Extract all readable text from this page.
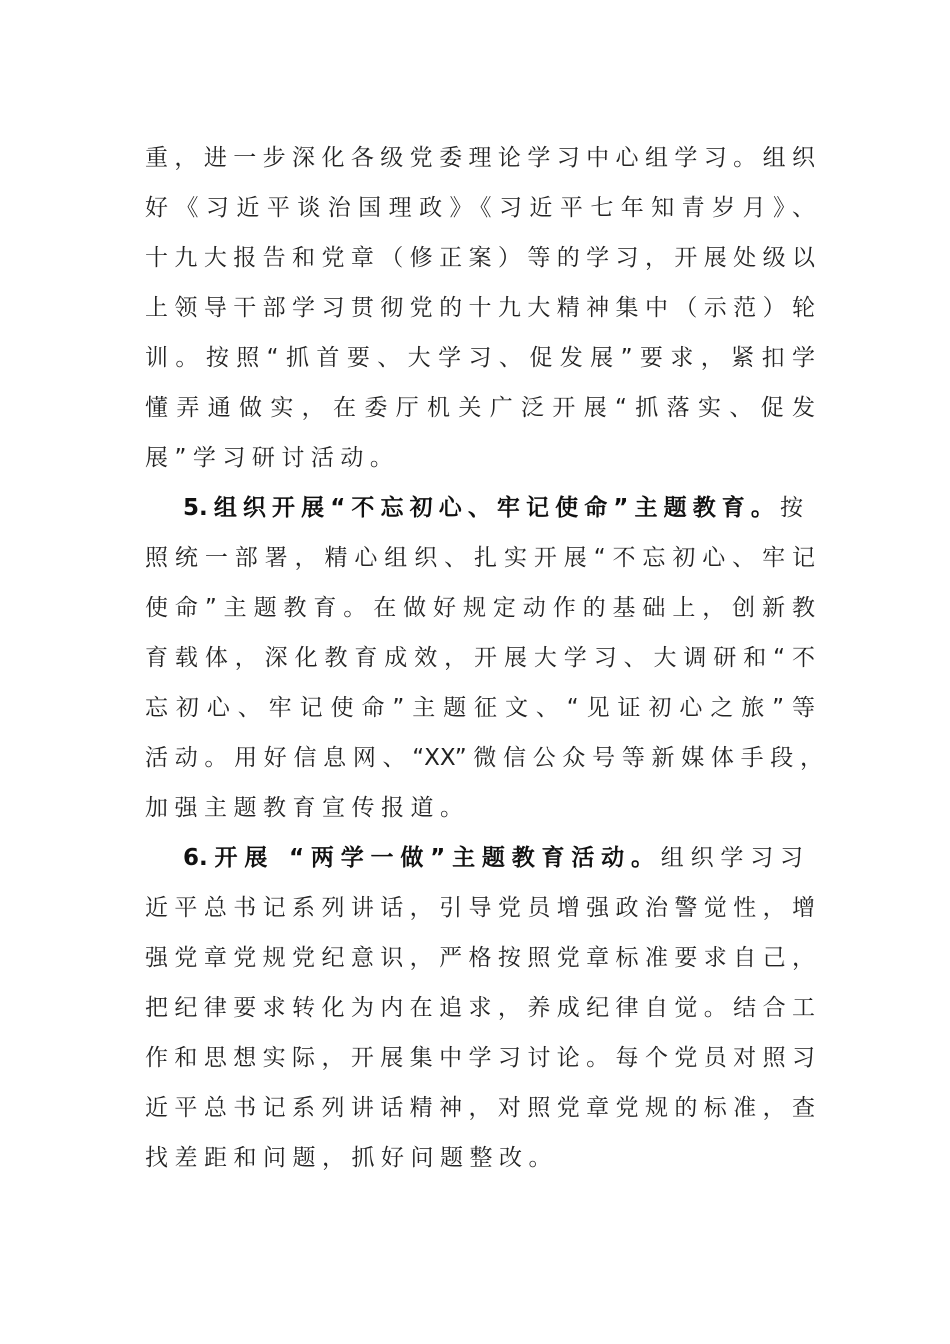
重，进一步深化各级党委理论学习中心组学习。组织
好《习近平谈治国理政》《习近平七年知青岁月》、
十九大报告和党章（修正案）等的学习，开展处级以
上领导干部学习贯彻党的十九大精神集中（示范）轮
训。按照“抓首要、大学习、促发展”要求，紧扣学
懂弄通做实，在委厅机关广泛开展“抓落实、促发
展”学习研讨活动。
5.组织开展“不忘初心、牢记使命”主题教育。按
照统一部署，精心组织、扎实开展“不忘初心、牢记
使命”主题教育。在做好规定动作的基础上，创新教
育载体，深化教育成效，开展大学习、大调研和“不
忘初心、牢记使命”主题征文、“见证初心之旅”等
活动。用好信息网、“XX”微信公众号等新媒体手段，
加强主题教育宣传报道。
6.开展 “两学一做”主题教育活动。组织学习习
近平总书记系列讲话，引导党员增强政治警觉性，增
强党章党规党纪意识，严格按照党章标准要求自己，
把纪律要求转化为内在追求，养成纪律自觉。结合工
作和思想实际，开展集中学习讨论。每个党员对照习
近平总书记系列讲话精神，对照党章党规的标准，查
找差距和问题，抓好问题整改。
